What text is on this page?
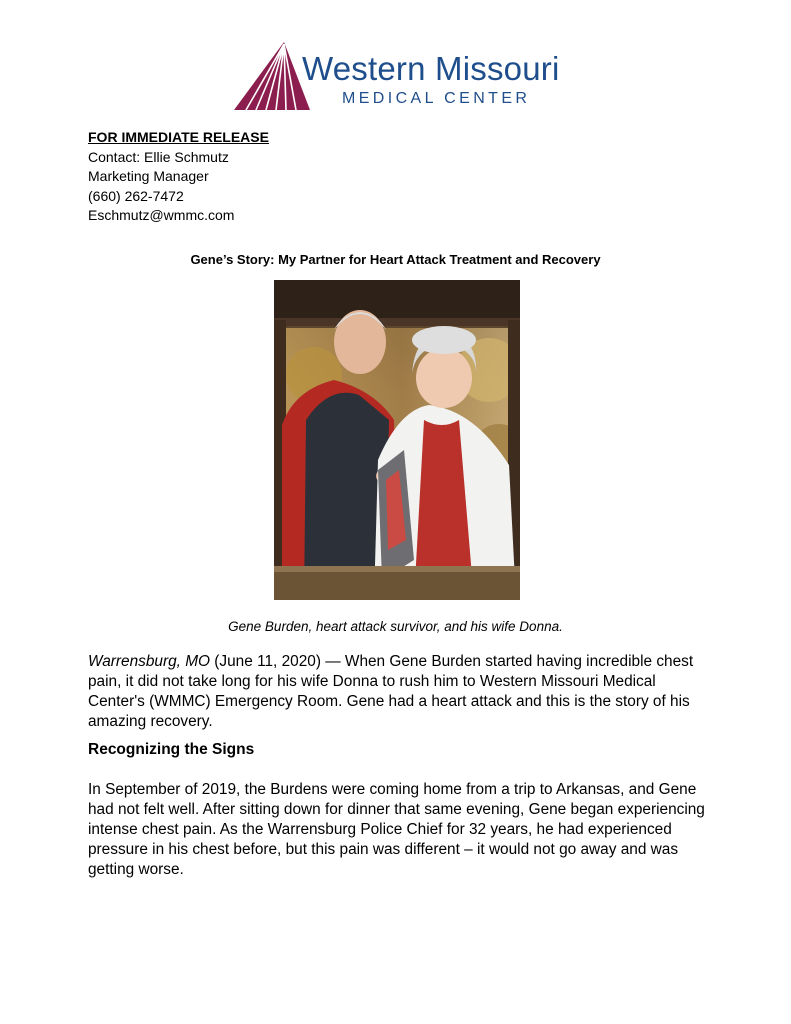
Western Missouri
MEDICAL CENTER
FOR IMMEDIATE RELEASE
Contact: Ellie Schmutz
Marketing Manager
(660) 262-7472
Eschmutz@wmmc.com
Gene’s Story: My Partner for Heart Attack Treatment and Recovery
Gene Burden, heart attack survivor, and his wife Donna.
Warrensburg, MO (June 11, 2020) — When Gene Burden started having incredible chest pain, it did not take long for his wife Donna to rush him to Western Missouri Medical Center's (WMMC) Emergency Room. Gene had a heart attack and this is the story of his amazing recovery.
Recognizing the Signs
In September of 2019, the Burdens were coming home from a trip to Arkansas, and Gene had not felt well. After sitting down for dinner that same evening, Gene began experiencing intense chest pain. As the Warrensburg Police Chief for 32 years, he had experienced pressure in his chest before, but this pain was different – it would not go away and was getting worse.
